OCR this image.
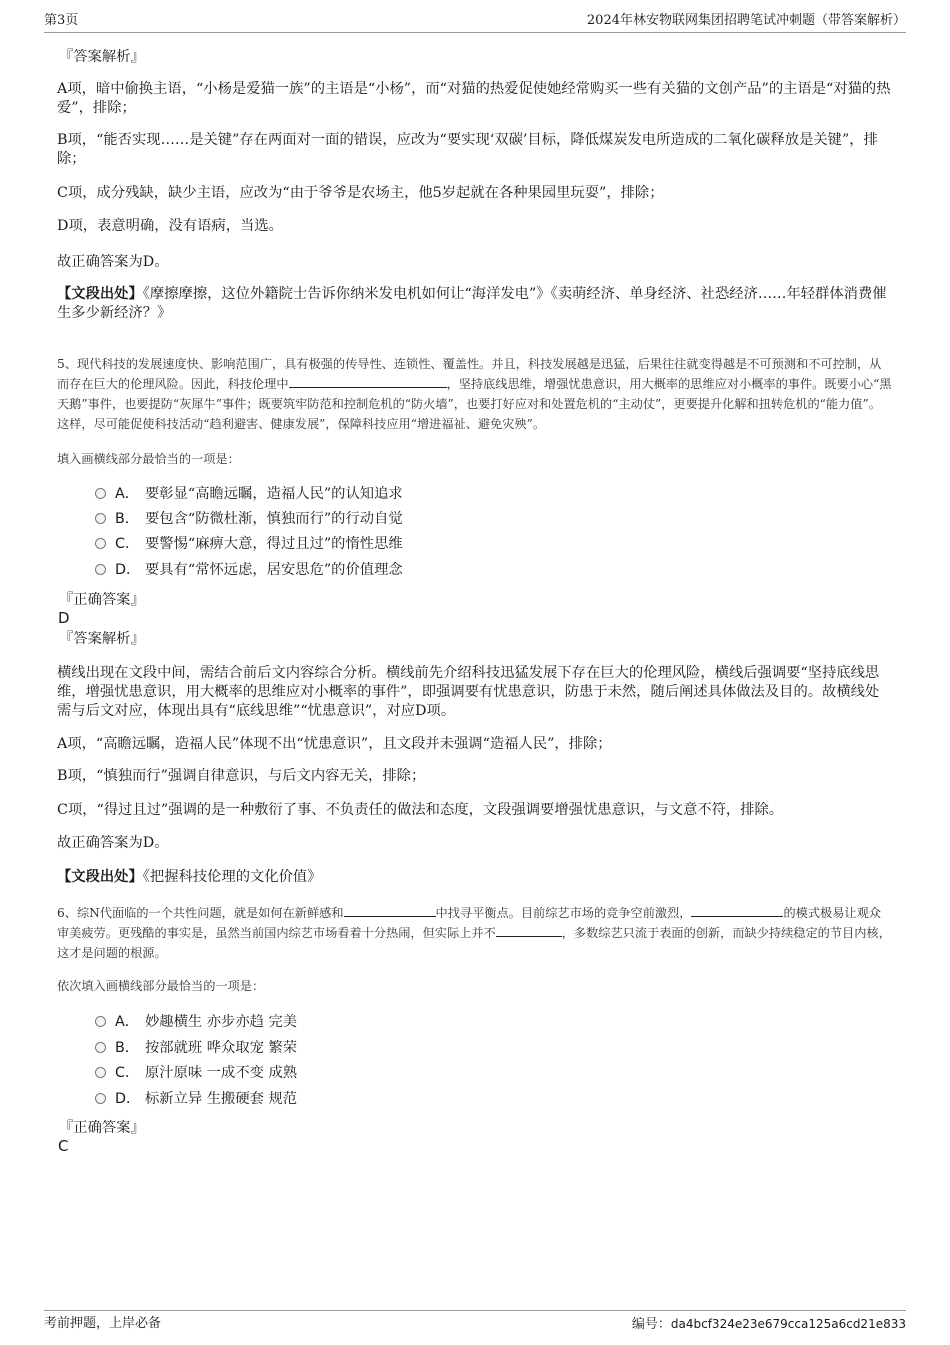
第3页	2024年林安物联网集团招聘笔试冲刺题（带答案解析）
『答案解析』
A项，暗中偷换主语，“小杨是爱猫一族”的主语是“小杨”，而“对猫的热爱促使她经常购买一些有关猫的文创产品”的主语是“对猫的热爱”，排除；
B项，“能否实现……是关键”存在两面对一面的错误，应改为“要实现‘双碳’目标，降低煤炭发电所造成的二氧化碳释放是关键”，排除；
C项，成分残缺，缺少主语，应改为“由于爷爷是农场主，他5岁起就在各种果园里玩耍”，排除；
D项，表意明确，没有语病，当选。
故正确答案为D。
【文段出处】《摩擦摩擦，这位外籍院士告诉你纳米发电机如何让“海洋发电”》《卖萌经济、单身经济、社恐经济……年轻群体消费催生多少新经济？》
5、现代科技的发展速度快、影响范围广，具有极强的传导性、连锁性、覆盖性。并且，科技发展越是迅猛，后果往往就变得越是不可预测和不可控制，从而存在巨大的伦理风险。因此，科技伦理中	，坚持底线思维，增强忧患意识，用大概率的思维应对小概率的事件。既要小心“黑天鹅”事件，也要提防“灰犀牛”事件；既要筑牢防范和控制危机的“防火墙”，也要打好应对和处置危机的“主动仗”，更要提升化解和扭转危机的“能力值”。这样，尽可能促使科技活动“趋利避害、健康发展”，保障科技应用“增进福祉、避免灾殃”。
填入画横线部分最恰当的一项是：
A． 要彰显“高瞻远瞩，造福人民”的认知追求
B． 要包含“防微杜渐，慎独而行”的行动自觉
C． 要警惕“麻痹大意，得过且过”的惰性思维
D． 要具有“常怀远虑，居安思危”的价值理念
『正确答案』
D
『答案解析』
横线出现在文段中间，需结合前后文内容综合分析。横线前先介绍科技迅猛发展下存在巨大的伦理风险，横线后强调要“坚持底线思维，增强忧患意识，用大概率的思维应对小概率的事件”，即强调要有忧患意识，防患于未然，随后阐述具体做法及目的。故横线处需与后文对应，体现出具有“底线思维”“忧患意识”，对应D项。
A项，“高瞻远瞩，造福人民”体现不出“忧患意识”，且文段并未强调“造福人民”，排除；
B项，“慎独而行”强调自律意识，与后文内容无关，排除；
C项，“得过且过”强调的是一种敷衍了事、不负责任的做法和态度，文段强调要增强忧患意识，与文意不符，排除。
故正确答案为D。
【文段出处】《把握科技伦理的文化价值》
6、综N代面临的一个共性问题，就是如何在新鲜感和	中找寻平衡点。目前综艺市场的竞争空前激烈，	的模式极易让观众审美疲劳。更残酷的事实是，虽然当前国内综艺市场看着十分热闹，但实际上并不	，多数综艺只流于表面的创新，而缺少持续稳定的节目内核，这才是问题的根源。
依次填入画横线部分最恰当的一项是：
A． 妙趣横生 亦步亦趋 完美
B． 按部就班 哗众取宠 繁荣
C． 原汁原味 一成不变 成熟
D． 标新立异 生搬硬套 规范
『正确答案』
C
考前押题，上岸必备	编号：da4bcf324e23e679cca125a6cd21e833
